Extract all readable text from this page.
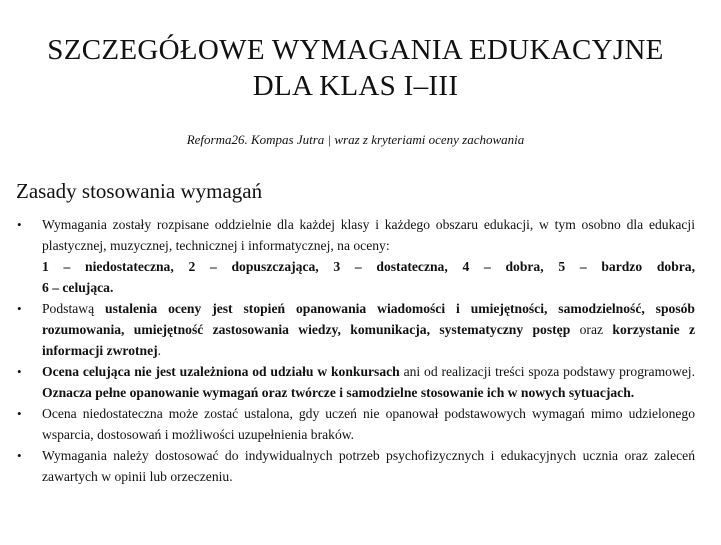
SZCZEGÓŁOWE WYMAGANIA EDUKACYJNE
DLA KLAS I–III

Reforma26. Kompas Jutra | wraz z kryteriami oceny zachowania

Zasady stosowania wymagań
• Wymagania zostały rozpisane oddzielnie dla każdej klasy i każdego obszaru edukacji, w tym osobno dla edukacji plastycznej, muzycznej, technicznej i informatycznej, na oceny:
1 – niedostateczna, 2 – dopuszczająca, 3 – dostateczna, 4 – dobra, 5 – bardzo dobra,
6 – celująca.
• Podstawą ustalenia oceny jest stopień opanowania wiadomości i umiejętności, samodzielność, sposób rozumowania, umiejętność zastosowania wiedzy, komunikacja, systematyczny postęp oraz korzystanie z informacji zwrotnej.
• Ocena celująca nie jest uzależniona od udziału w konkursach ani od realizacji treści spoza podstawy programowej. Oznacza pełne opanowanie wymagań oraz twórcze i samodzielne stosowanie ich w nowych sytuacjach.
• Ocena niedostateczna może zostać ustalona, gdy uczeń nie opanował podstawowych wymagań mimo udzielonego wsparcia, dostosowań i możliwości uzupełnienia braków.
• Wymagania należy dostosować do indywidualnych potrzeb psychofizycznych i edukacyjnych ucznia oraz zaleceń zawartych w opinii lub orzeczeniu.
